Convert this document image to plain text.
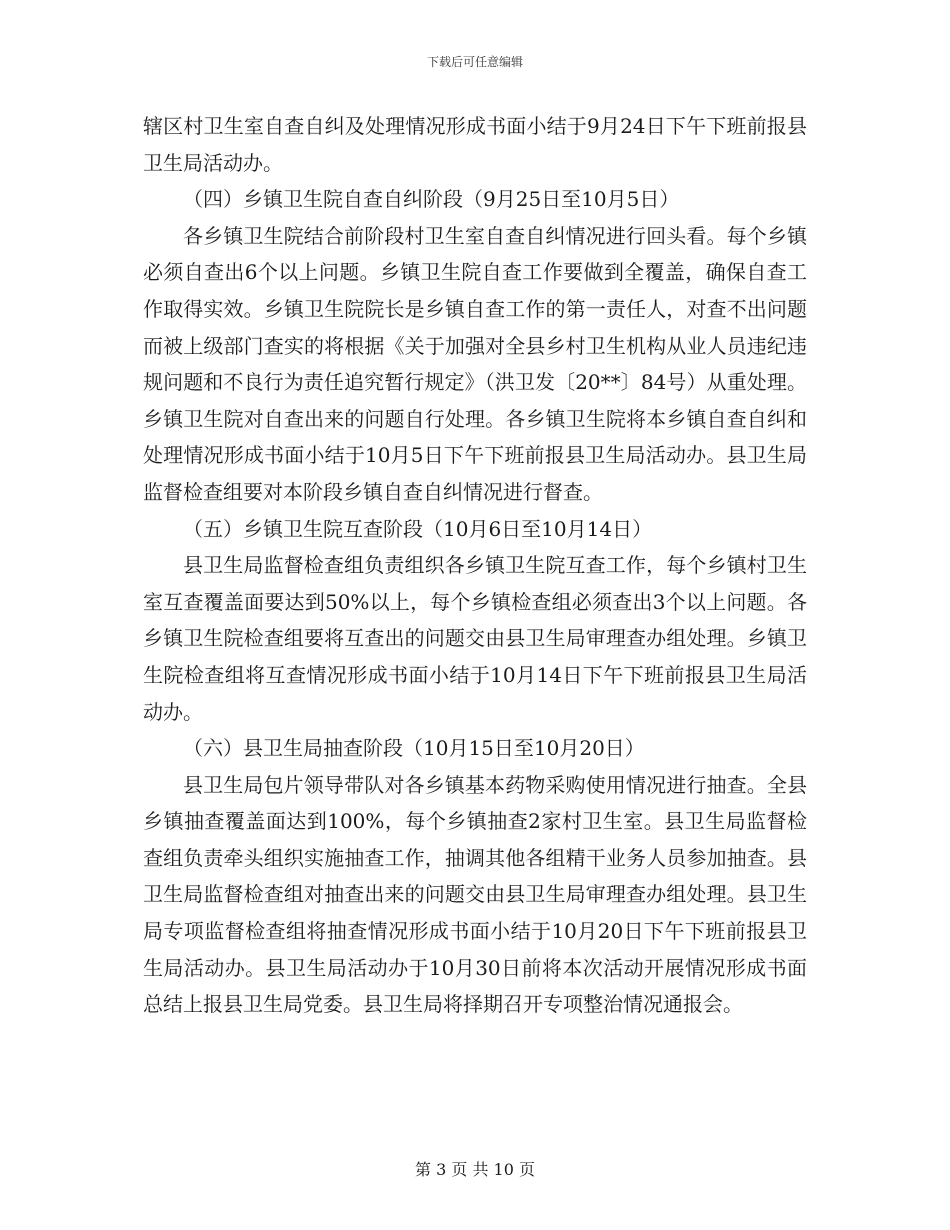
下载后可任意编辑

辖区村卫生室自查自纠及处理情况形成书面小结于9月24日下午下班前报县卫生局活动办。

（四）乡镇卫生院自查自纠阶段（9月25日至10月5日）

各乡镇卫生院结合前阶段村卫生室自查自纠情况进行回头看。每个乡镇必须自查出6个以上问题。乡镇卫生院自查工作要做到全覆盖，确保自查工作取得实效。乡镇卫生院院长是乡镇自查工作的第一责任人，对查不出问题而被上级部门查实的将根据《关于加强对全县乡村卫生机构从业人员违纪违规问题和不良行为责任追究暂行规定》（洪卫发〔20**〕84号）从重处理。乡镇卫生院对自查出来的问题自行处理。各乡镇卫生院将本乡镇自查自纠和处理情况形成书面小结于10月5日下午下班前报县卫生局活动办。县卫生局监督检查组要对本阶段乡镇自查自纠情况进行督查。

（五）乡镇卫生院互查阶段（10月6日至10月14日）

县卫生局监督检查组负责组织各乡镇卫生院互查工作，每个乡镇村卫生室互查覆盖面要达到50%以上，每个乡镇检查组必须查出3个以上问题。各乡镇卫生院检查组要将互查出的问题交由县卫生局审理查办组处理。乡镇卫生院检查组将互查情况形成书面小结于10月14日下午下班前报县卫生局活动办。

（六）县卫生局抽查阶段（10月15日至10月20日）

县卫生局包片领导带队对各乡镇基本药物采购使用情况进行抽查。全县乡镇抽查覆盖面达到100%，每个乡镇抽查2家村卫生室。县卫生局监督检查组负责牵头组织实施抽查工作，抽调其他各组精干业务人员参加抽查。县卫生局监督检查组对抽查出来的问题交由县卫生局审理查办组处理。县卫生局专项监督检查组将抽查情况形成书面小结于10月20日下午下班前报县卫生局活动办。县卫生局活动办于10月30日前将本次活动开展情况形成书面总结上报县卫生局党委。县卫生局将择期召开专项整治情况通报会。

第 3 页 共 10 页
